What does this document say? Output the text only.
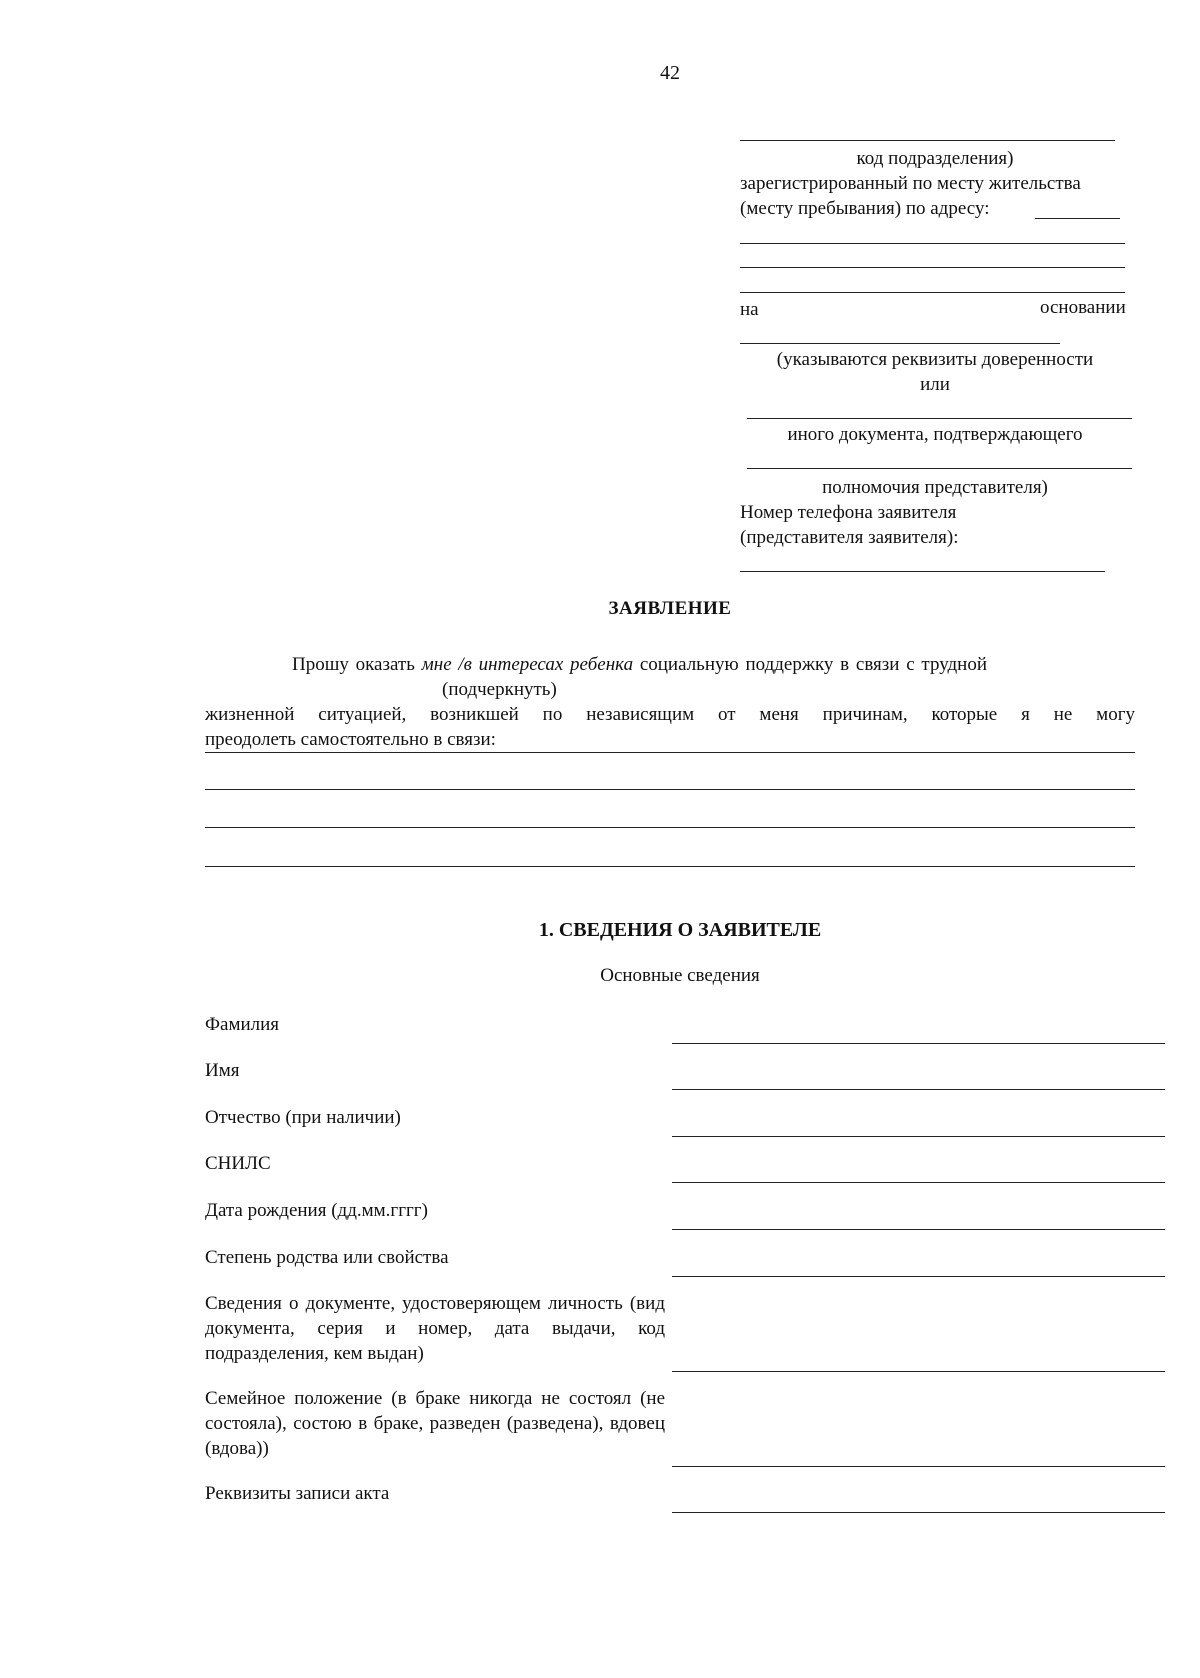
42
код подразделения)
зарегистрированный по месту жительства
(месту пребывания) по адресу:
на	основании
(указываются реквизиты доверенности
или
иного документа, подтверждающего
полномочия представителя)
Номер телефона заявителя
(представителя заявителя):
ЗАЯВЛЕНИЕ
Прошу оказать мне /в интересах ребенка социальную поддержку в связи с трудной
(подчеркнуть)
жизненной ситуацией, возникшей по независящим от меня причинам, которые я не могу
преодолеть самостоятельно в связи:
1. СВЕДЕНИЯ О ЗАЯВИТЕЛЕ
Основные сведения
Фамилия
Имя
Отчество (при наличии)
СНИЛС
Дата рождения (дд.мм.гггг)
Степень родства или свойства
Сведения о документе, удостоверяющем личность (вид документа, серия и номер, дата выдачи, код подразделения, кем выдан)
Семейное положение (в браке никогда не состоял (не состояла), состою в браке, разведен (разведена), вдовец (вдова))
Реквизиты записи акта
